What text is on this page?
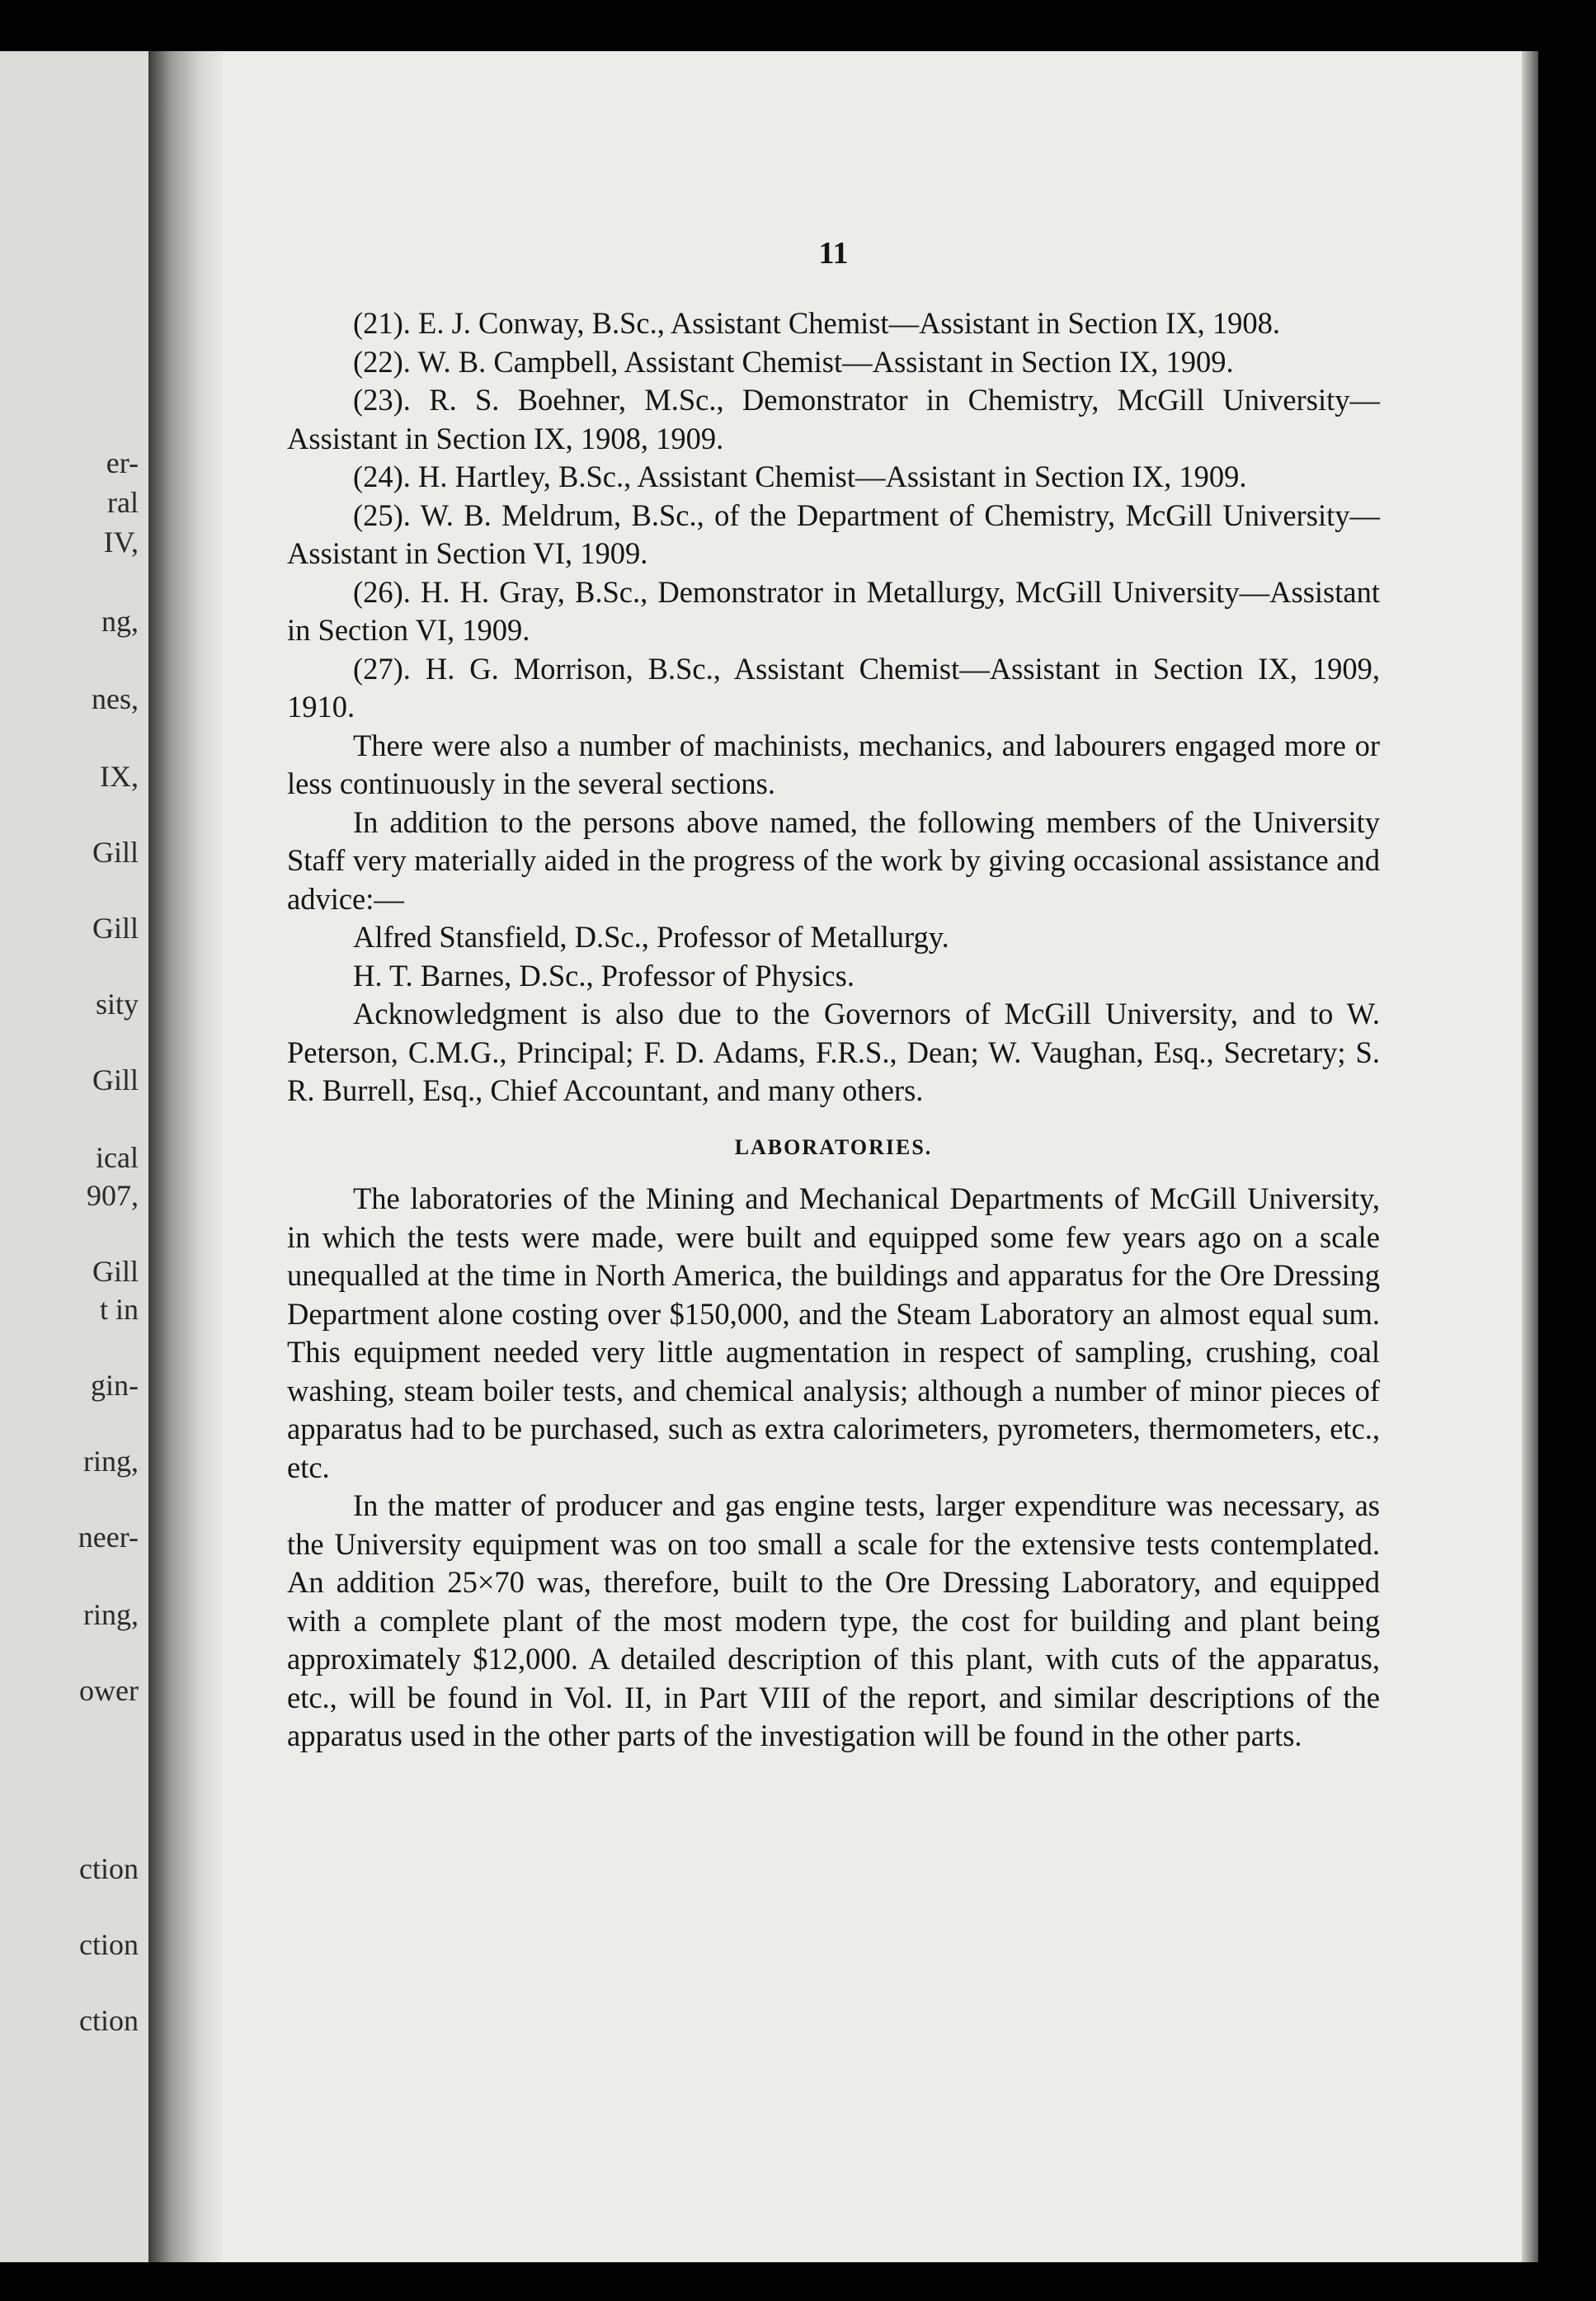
er-
ral
IV,
ng,
nes,
IX,
Gill
Gill
sity
Gill
ical
907,
Gill
t in
gin-
ring,
neer-
ring,
ower
ction
ction
ction
11

(21). E. J. Conway, B.Sc., Assistant Chemist—Assistant in Section IX, 1908.

(22). W. B. Campbell, Assistant Chemist—Assistant in Section IX, 1909.

(23). R. S. Boehner, M.Sc., Demonstrator in Chemistry, McGill University—Assistant in Section IX, 1908, 1909.

(24). H. Hartley, B.Sc., Assistant Chemist—Assistant in Section IX, 1909.

(25). W. B. Meldrum, B.Sc., of the Department of Chemistry, McGill University—Assistant in Section VI, 1909.

(26). H. H. Gray, B.Sc., Demonstrator in Metallurgy, McGill University—Assistant in Section VI, 1909.

(27). H. G. Morrison, B.Sc., Assistant Chemist—Assistant in Section IX, 1909, 1910.

There were also a number of machinists, mechanics, and labourers engaged more or less continuously in the several sections.

In addition to the persons above named, the following members of the University Staff very materially aided in the progress of the work by giving occasional assistance and advice:—

Alfred Stansfield, D.Sc., Professor of Metallurgy.

H. T. Barnes, D.Sc., Professor of Physics.

Acknowledgment is also due to the Governors of McGill University, and to W. Peterson, C.M.G., Principal; F. D. Adams, F.R.S., Dean; W. Vaughan, Esq., Secretary; S. R. Burrell, Esq., Chief Accountant, and many others.

LABORATORIES.

The laboratories of the Mining and Mechanical Departments of McGill University, in which the tests were made, were built and equipped some few years ago on a scale unequalled at the time in North America, the buildings and apparatus for the Ore Dressing Department alone costing over $150,000, and the Steam Laboratory an almost equal sum. This equipment needed very little augmentation in respect of sampling, crushing, coal washing, steam boiler tests, and chemical analysis; although a number of minor pieces of apparatus had to be purchased, such as extra calorimeters, pyrometers, thermometers, etc., etc.

In the matter of producer and gas engine tests, larger expenditure was necessary, as the University equipment was on too small a scale for the extensive tests contemplated. An addition 25×70 was, therefore, built to the Ore Dressing Laboratory, and equipped with a complete plant of the most modern type, the cost for building and plant being approximately $12,000. A detailed description of this plant, with cuts of the apparatus, etc., will be found in Vol. II, in Part VIII of the report, and similar descriptions of the apparatus used in the other parts of the investigation will be found in the other parts.
